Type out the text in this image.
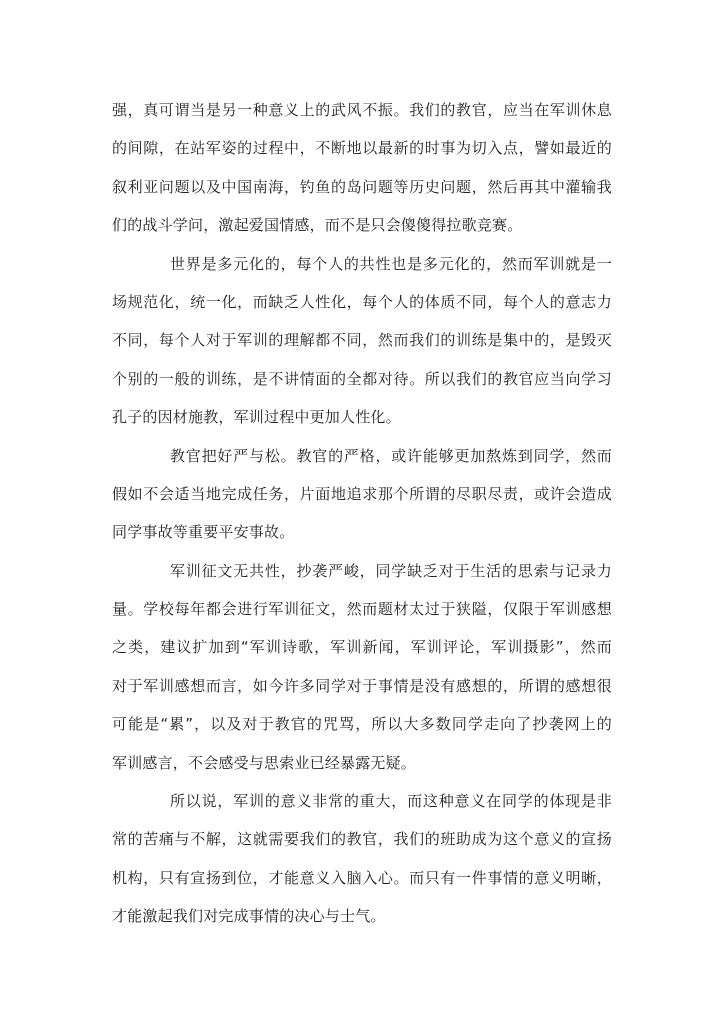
强，真可谓当是另一种意义上的武风不振。我们的教官，应当在军训休息
的间隙，在站军姿的过程中，不断地以最新的时事为切入点，譬如最近的
叙利亚问题以及中国南海，钓鱼的岛问题等历史问题，然后再其中灌输我
们的战斗学问，激起爱国情感，而不是只会傻傻得拉歌竞赛。
世界是多元化的，每个人的共性也是多元化的，然而军训就是一
场规范化，统一化，而缺乏人性化，每个人的体质不同，每个人的意志力
不同，每个人对于军训的理解都不同，然而我们的训练是集中的，是毁灭
个别的一般的训练，是不讲情面的全都对待。所以我们的教官应当向学习
孔子的因材施教，军训过程中更加人性化。
教官把好严与松。教官的严格，或许能够更加熬炼到同学，然而
假如不会适当地完成任务，片面地追求那个所谓的尽职尽责，或许会造成
同学事故等重要平安事故。
军训征文无共性，抄袭严峻，同学缺乏对于生活的思索与记录力
量。学校每年都会进行军训征文，然而题材太过于狭隘，仅限于军训感想
之类，建议扩加到“军训诗歌，军训新闻，军训评论，军训摄影”，然而
对于军训感想而言，如今许多同学对于事情是没有感想的，所谓的感想很
可能是“累”，以及对于教官的咒骂，所以大多数同学走向了抄袭网上的
军训感言，不会感受与思索业已经暴露无疑。
所以说，军训的意义非常的重大，而这种意义在同学的体现是非
常的苦痛与不解，这就需要我们的教官，我们的班助成为这个意义的宣扬
机构，只有宣扬到位，才能意义入脑入心。而只有一件事情的意义明晰，
才能激起我们对完成事情的决心与士气。
